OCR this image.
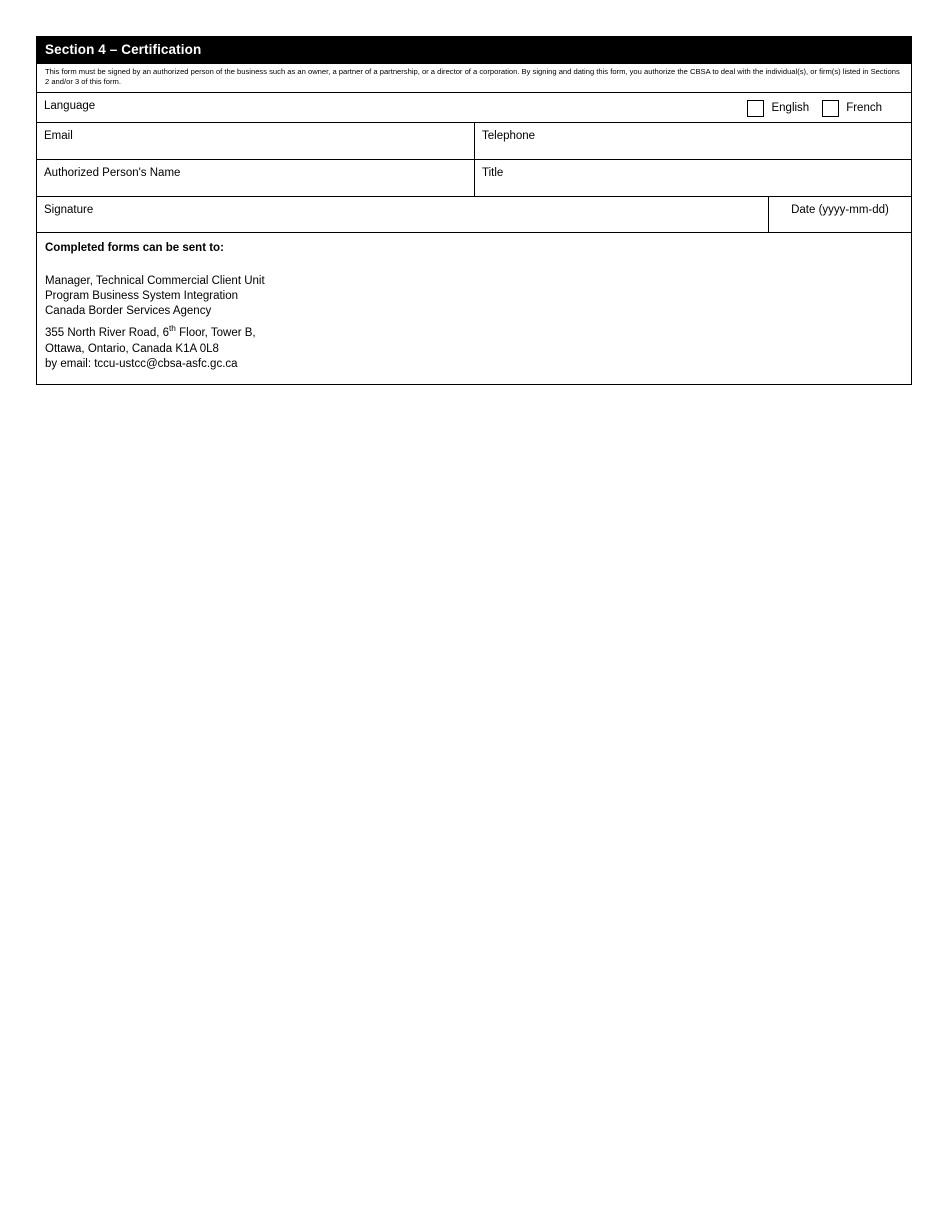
Section 4 – Certification
This form must be signed by an authorized person of the business such as an owner, a partner of a partnership, or a director of a corporation. By signing and dating this form, you authorize the CBSA to deal with the individual(s), or firm(s) listed in Sections 2 and/or 3 of this form.
Language	English	French
Email	Telephone
Authorized Person's Name	Title
Signature	Date (yyyy-mm-dd)
Completed forms can be sent to:
Manager, Technical Commercial Client Unit
Program Business System Integration
Canada Border Services Agency
355 North River Road, 6th Floor, Tower B,
Ottawa, Ontario, Canada K1A 0L8
by email: tccu-ustcc@cbsa-asfc.gc.ca
